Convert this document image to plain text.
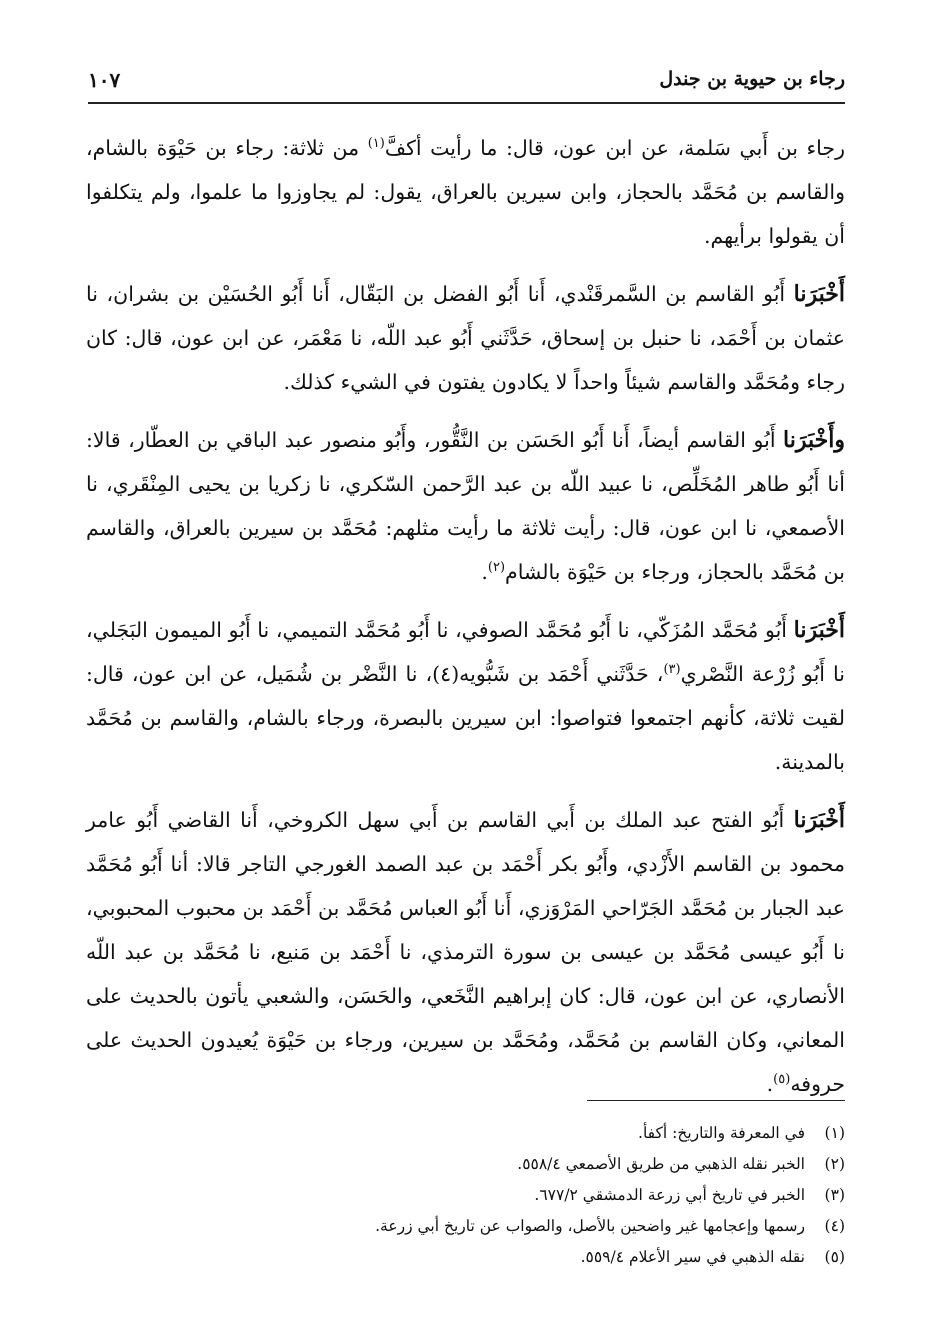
رجاء بن حيوية بن جندل
١٠٧

رجاء بن أَبي سَلمة، عن ابن عون، قال: ما رأيت أكفَّ$^{(١)}$ من ثلاثة: رجاء بن حَيْوَة بالشام، والقاسم بن مُحَمَّد بالحجاز، وابن سيرين بالعراق، يقول: لم يجاوزوا ما علموا، ولم يتكلفوا أن يقولوا برأيهم.

أَخْبَرَنا أَبُو القاسم بن السَّمرقَنْدي، أَنا أَبُو الفضل بن البَقّال، أَنا أَبُو الحُسَيْن بن بشران، نا عثمان بن أَحْمَد، نا حنبل بن إسحاق، حَدَّثَني أَبُو عبد اللّه، نا مَعْمَر، عن ابن عون، قال: كان رجاء ومُحَمَّد والقاسم شيئاً واحداً لا يكادون يفتون في الشيء كذلك.

وأَخْبَرَنا أَبُو القاسم أيضاً، أَنا أَبُو الحَسَن بن النَّقُّور، وأَبُو منصور عبد الباقي بن العطّار، قالا: أنا أَبُو طاهر المُخَلِّص، نا عبيد اللّه بن عبد الرَّحمن السّكري، نا زكريا بن يحيى المِنْقَري، نا الأصمعي، نا ابن عون، قال: رأيت ثلاثة ما رأيت مثلهم: مُحَمَّد بن سيرين بالعراق، والقاسم بن مُحَمَّد بالحجاز، ورجاء بن حَيْوَة بالشام$^{(٢)}$.

أَخْبَرَنا أَبُو مُحَمَّد المُزَكّي، نا أَبُو مُحَمَّد الصوفي، نا أَبُو مُحَمَّد التميمي، نا أَبُو الميمون البَجَلي، نا أَبُو زُرْعة النَّصْري$^{(٣)}$، حَدَّثَني أَحْمَد بن شَبُّويه(٤)، نا النَّضْر بن شُمَيل، عن ابن عون، قال: لقيت ثلاثة، كأنهم اجتمعوا فتواصوا: ابن سيرين بالبصرة، ورجاء بالشام، والقاسم بن مُحَمَّد بالمدينة.

أَخْبَرَنا أَبُو الفتح عبد الملك بن أَبي القاسم بن أَبي سهل الكروخي، أَنا القاضي أَبُو عامر محمود بن القاسم الأَزْدي، وأَبُو بكر أَحْمَد بن عبد الصمد الغورجي التاجر قالا: أنا أَبُو مُحَمَّد عبد الجبار بن مُحَمَّد الجَرّاحي المَرْوَزي، أَنا أَبُو العباس مُحَمَّد بن أَحْمَد بن محبوب المحبوبي، نا أَبُو عيسى مُحَمَّد بن عيسى بن سورة الترمذي، نا أَحْمَد بن مَنيع، نا مُحَمَّد بن عبد اللّه الأنصاري، عن ابن عون، قال: كان إبراهيم النَّخَعي، والحَسَن، والشعبي يأتون بالحديث على المعاني، وكان القاسم بن مُحَمَّد، ومُحَمَّد بن سيرين، ورجاء بن حَيْوَة يُعيدون الحديث على حروفه$^{(٥)}$.

(١)في المعرفة والتاريخ: أكفأ.
(٢)الخبر نقله الذهبي من طريق الأصمعي ٥٥٨/٤.
(٣)الخبر في تاريخ أبي زرعة الدمشقي ٦٧٧/٢.
(٤)رسمها وإعجامها غير واضحين بالأصل، والصواب عن تاريخ أبي زرعة.
(٥)نقله الذهبي في سير الأعلام ٥٥٩/٤.
